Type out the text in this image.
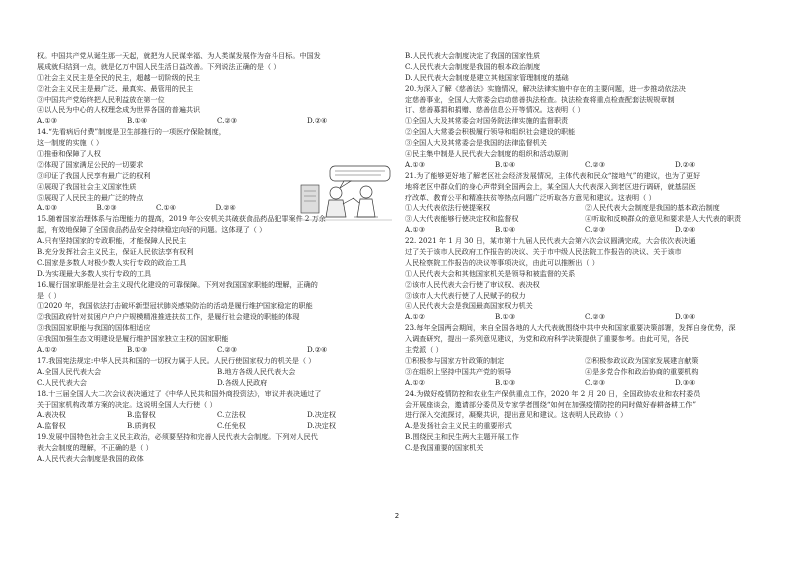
权。中国共产党从诞生那一天起，就把为人民谋幸福、为人类谋发展作为奋斗目标。中国发
展成就归结到一点，就是亿万中国人民生活日益改善。下列说法正确的是（ ）
①社会主义民主是全民的民主，超越一切阶级的民主
②社会主义民主是最广泛、最真实、最管用的民主
③中国共产党始终把人民利益放在第一位
④以人民为中心的人权理念成为世界各国的普遍共识
A.①③	B.①④	C.②③	D.②④
14.“先看病后付费”制度是卫生部推行的一项医疗保险制度，
这一制度的实施（ ）
①推垂和保障了人权
②体现了国家满足公民的一切要求
③印证了我国人民享有最广泛的权利
④展现了我国社会主义国家性质
⑤展现了人民民主的最广泛的特点
A.①③	B.②③	C.①④	D.②④
15.随着国家治理体系与治理能力的提高，2019 年公安机关共破获食品药品犯罪案件 2 万余
起，有效地保障了全国食品药品安全持续稳定向好的问题。这体现了（ ）
A.只有坚持国家的专政职能，才能保障人民民主
B.充分发挥社会主义民主，保证人民依法享有权利
C.国家是多数人对极少数人实行专政的政治工具
D.为实现最大多数人实行专政的工具
16.履行国家职能是社会主义现代化建设的可靠保障。下列对我国国家职能的理解，正确的
是（ ）
①2020 年，我国依法打击破坏新型冠状肺炎感染防治的活动是履行维护国家稳定的职能
②我国政府针对贫困户户户户规模精准推进扶贫工作，是履行社会建设的职能的体现
③我国国家职能与我国的国体相适应
④我国加强生态文明建设是履行维护国家独立主权的国家职能
A.①②	B.①③	C.②③	D.②④
17.我国宪法规定:中华人民共和国的一切权力属于人民。人民行使国家权力的机关是（ ）
A.全国人民代表大会	B.地方各级人民代表大会
C.人民代表大会	D.各级人民政府
18.十三届全国人大二次会议表决通过了《中华人民共和国外商投资法》，审议并表决通过了
关于国家机构改革方案的决定。这说明全国人大行使（ ）
A.表决权	B.监督权	C.立法权	D.决定权
A.监督权	B.质询权	C.任免权	D.决定权
19.发展中国特色社会主义民主政治，必须要坚持和完善人民代表大会制度。下列对人民代
表大会制度的理解，不正确的是（ ）
A.人民代表大会制度是我国的政体
B.人民代表大会制度决定了我国的国家性质
C.人民代表大会制度是我国的根本政治制度
D.人民代表大会制度是建立其他国家管理制度的基础
20.为深入了解《慈善法》实施情况，解决法律实施中存在的主要问题，进一步推动依法决
定慈善事业，全国人大常委会启动慈善执法检查。执法检查将重点检查配套法规规章制
订、慈善募捐和捐赠、慈善信息公开等情况。这表明（ ）
①全国人大及其常委会对国务院法律实施的监督职责
②全国人大常委会积极履行领导和组织社会建设的职能
③全国人大及其常委会是我国的法律监督机关
④民主集中制是人民代表大会制度的组织和活动原则
A.①③	B.①④	C.②③	D.②④
21.为了能够更好地了解老区社会经济发展情况，主体代表和民众“接地气”的建议，也为了更好
地将老区中群众们的身心声带到全国两会上，某全国人大代表深入到老区进行调研，就基层医
疗改革、教育公平和精准扶贫等热点问题广泛听取各方意见和建议。这表明（ ）
①人大代表依法行使提案权	②人民代表大会制度是我国的基本政治制度
③人大代表能够行使决定权和监督权	④听取和反映群众的意见和要求是人大代表的职责
A.①③	B.①④	C.②③	D.②④
22. 2021 年 1 月 30 日，某市第十九届人民代表大会第六次会议圆满完成，大会依次表决通
过了关于该市人民政府工作报告的决议、关于市中级人民法院工作报告的决议、关于该市
人民检察院工作报告的决议等事项决议，由此可以推断出（ ）
①人民代表大会和其他国家机关是领导和被监督的关系
②该市人民代表大会行使了审议权、表决权
③该市人大代表行使了人民赋予的权力
④人民代表大会是我国最高国家权力机关
A.①②	B.①③	C.②③	D.③④
23.每年全国两会期间，来自全国各地的人大代表就围绕中共中央和国家重要决策部署，发挥自身优势，深
入调查研究，提出一系列意见建议，为党和政府科学决策提供了重要参考。由此可见，各民
主党派（ ）
①积极参与国家方针政策的制定	②积极参政议政为国家发展建言献策
③在组织上坚持中国共产党的领导	④是多党合作和政治协商的重要机构
A.①②	B.①③	C.②③	D.③④
24.为做好疫情防控和农业生产保供重点工作，2020 年 2 月 20 日，全国政协农业和农村委员
会开展座谈会，邀请部分委员及专家学者围绕“如何在加强疫情防控的同时做好春耕备耕工作”
进行深入交流探讨，凝聚共识，提出意见和建议。这表明人民政协（ ）
A.是发扬社会主义民主的重要形式
B.围绕民主和民生两大主题开展工作
C.是我国重要的国家机关
2
